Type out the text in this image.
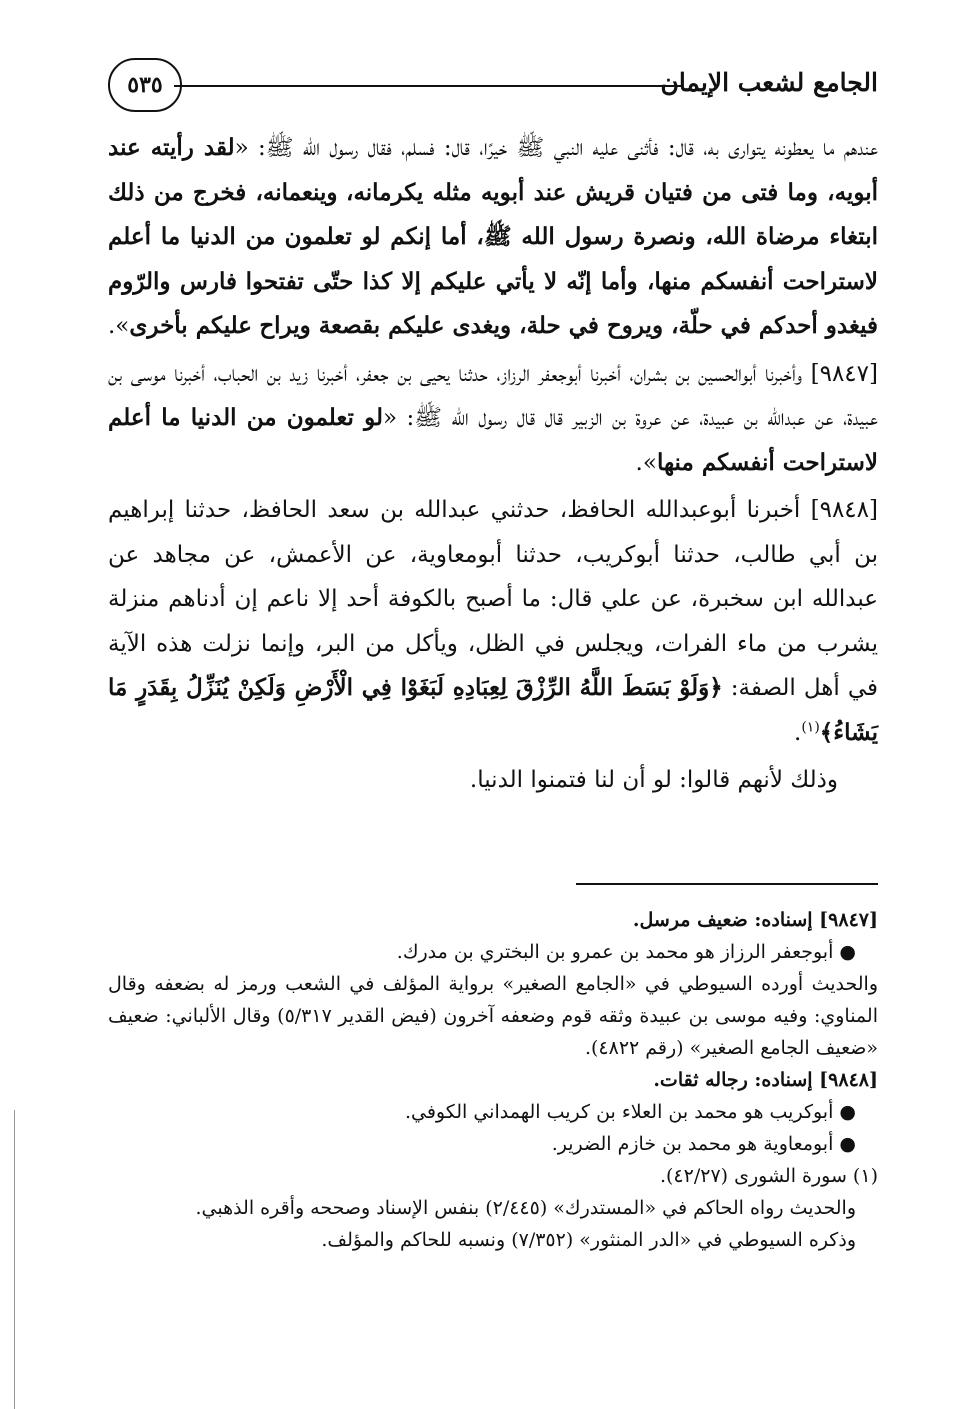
الجامع لشعب الإيمان
٥٣٥

عندهم ما يعطونه يتوارى به، قال: فأثنى عليه النبي ﷺ خيرًا، قال: فسلم، فقال رسول الله ﷺ: «لقد رأيته عند أبويه، وما فتى من فتيان قريش عند أبويه مثله يكرمانه، وينعمانه، فخرج من ذلك ابتغاء مرضاة الله، ونصرة رسول الله ﷺ، أما إنكم لو تعلمون من الدنيا ما أعلم لاستراحت أنفسكم منها، وأما إنّه لا يأتي عليكم إلا كذا حتّى تفتحوا فارس والرّوم فيغدو أحدكم في حلّة، ويروح في حلة، ويغدى عليكم بقصعة ويراح عليكم بأخرى».

[٩٨٤٧] وأخبرنا أبوالحسين بن بشران، أخبرنا أبوجعفر الرزاز، حدثنا يحيى بن جعفر، أخبرنا زيد بن الحباب، أخبرنا موسى بن عبيدة، عن عبدالله بن عبيدة، عن عروة بن الزبير قال قال رسول الله ﷺ: «لو تعلمون من الدنيا ما أعلم لاستراحت أنفسكم منها».

[٩٨٤٨] أخبرنا أبوعبدالله الحافظ، حدثني عبدالله بن سعد الحافظ، حدثنا إبراهيم بن أبي طالب، حدثنا أبوكريب، حدثنا أبومعاوية، عن الأعمش، عن مجاهد عن عبدالله ابن سخبرة، عن علي قال: ما أصبح بالكوفة أحد إلا ناعم إن أدناهم منزلة يشرب من ماء الفرات، ويجلس في الظل، ويأكل من البر، وإنما نزلت هذه الآية في أهل الصفة: ﴿وَلَوْ بَسَطَ اللَّهُ الرِّزْقَ لِعِبَادِهِ لَبَغَوْا فِي الْأَرْضِ وَلَكِنْ يُنَزِّلُ بِقَدَرٍ مَا يَشَاءُ﴾$^{(١)}$.

وذلك لأنهم قالوا: لو أن لنا فتمنوا الدنيا.

[٩٨٤٧] إسناده: ضعيف مرسل.

● أبوجعفر الرزاز هو محمد بن عمرو بن البختري بن مدرك.

والحديث أورده السيوطي في «الجامع الصغير» برواية المؤلف في الشعب ورمز له بضعفه وقال المناوي: وفيه موسى بن عبيدة وثقه قوم وضعفه آخرون (فيض القدير ٥/٣١٧) وقال الألباني: ضعيف «ضعيف الجامع الصغير» (رقم ٤٨٢٢).

[٩٨٤٨] إسناده: رجاله ثقات.

● أبوكريب هو محمد بن العلاء بن كريب الهمداني الكوفي.

● أبومعاوية هو محمد بن خازم الضرير.

(١) سورة الشورى (٤٢/٢٧).

والحديث رواه الحاكم في «المستدرك» (٢/٤٤٥) بنفس الإسناد وصححه وأقره الذهبي.

وذكره السيوطي في «الدر المنثور» (٧/٣٥٢) ونسبه للحاكم والمؤلف.
